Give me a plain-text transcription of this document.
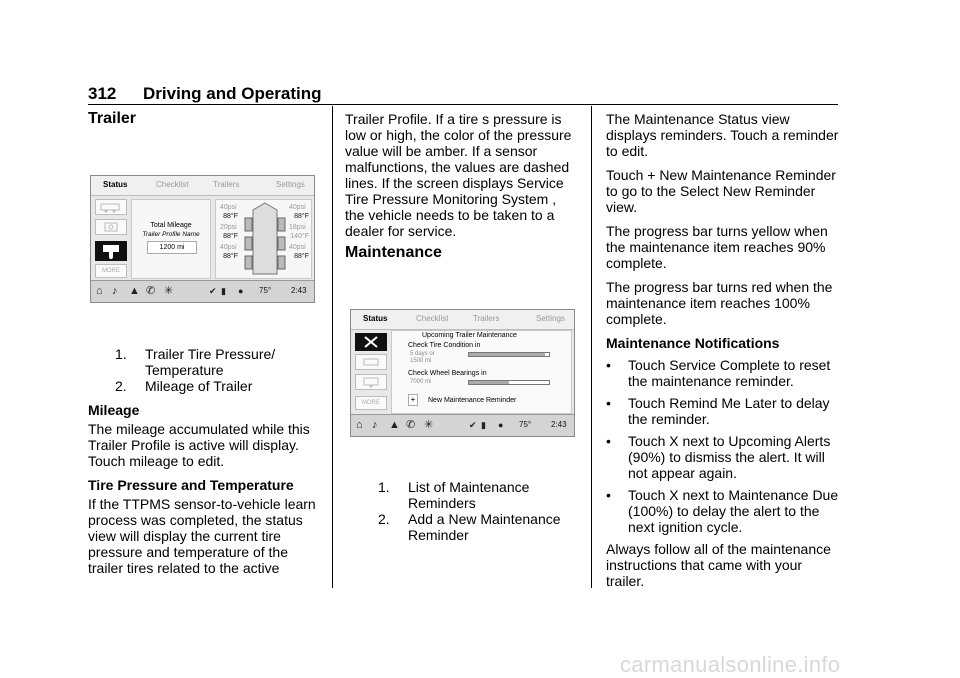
312 Driving and Operating
Trailer
Status	Checklist	Trailers	Settings
MORE
Total Mileage
Trailer Profile Name
1200 mi
40psi
88°F
20psi
88°F
40psi
88°F
40psi
88°F
18psi
140°F
40psi
88°F
⌂ ♪ ▲ ✆ ✳	✔ ▮ ● 75° 2:43
1. Trailer Tire Pressure/
Temperature
2. Mileage of Trailer
Mileage

The mileage accumulated while this Trailer Profile is active will display. Touch mileage to edit.

Tire Pressure and Temperature

If the TTPMS sensor-to-vehicle learn process was completed, the status view will display the current tire pressure and temperature of the trailer tires related to the active

Trailer Profile. If a tire s pressure is low or high, the color of the pressure value will be amber. If a sensor malfunctions, the values are dashed lines. If the screen displays Service Tire Pressure Monitoring System , the vehicle needs to be taken to a dealer for service.

Maintenance
Status	Checklist	Trailers	Settings
MORE
Upcoming Trailer Maintenance
Check Tire Condition in
5 days or
1500 mi
Check Wheel Bearings in
7000 mi
+	New Maintenance Reminder
⌂ ♪ ▲ ✆ ✳	✔ ▮ ● 75° 2:43
1. List of Maintenance
Reminders
2. Add a New Maintenance
Reminder

The Maintenance Status view displays reminders. Touch a reminder to edit.

Touch + New Maintenance Reminder to go to the Select New Reminder view.

The progress bar turns yellow when the maintenance item reaches 90% complete.

The progress bar turns red when the maintenance item reaches 100% complete.

Maintenance Notifications
• Touch Service Complete to reset the maintenance reminder.
• Touch Remind Me Later to delay the reminder.
• Touch X next to Upcoming Alerts (90%) to dismiss the alert. It will not appear again.
• Touch X next to Maintenance Due (100%) to delay the alert to the next ignition cycle.

Always follow all of the maintenance instructions that came with your trailer.

carmanualsonline.info
